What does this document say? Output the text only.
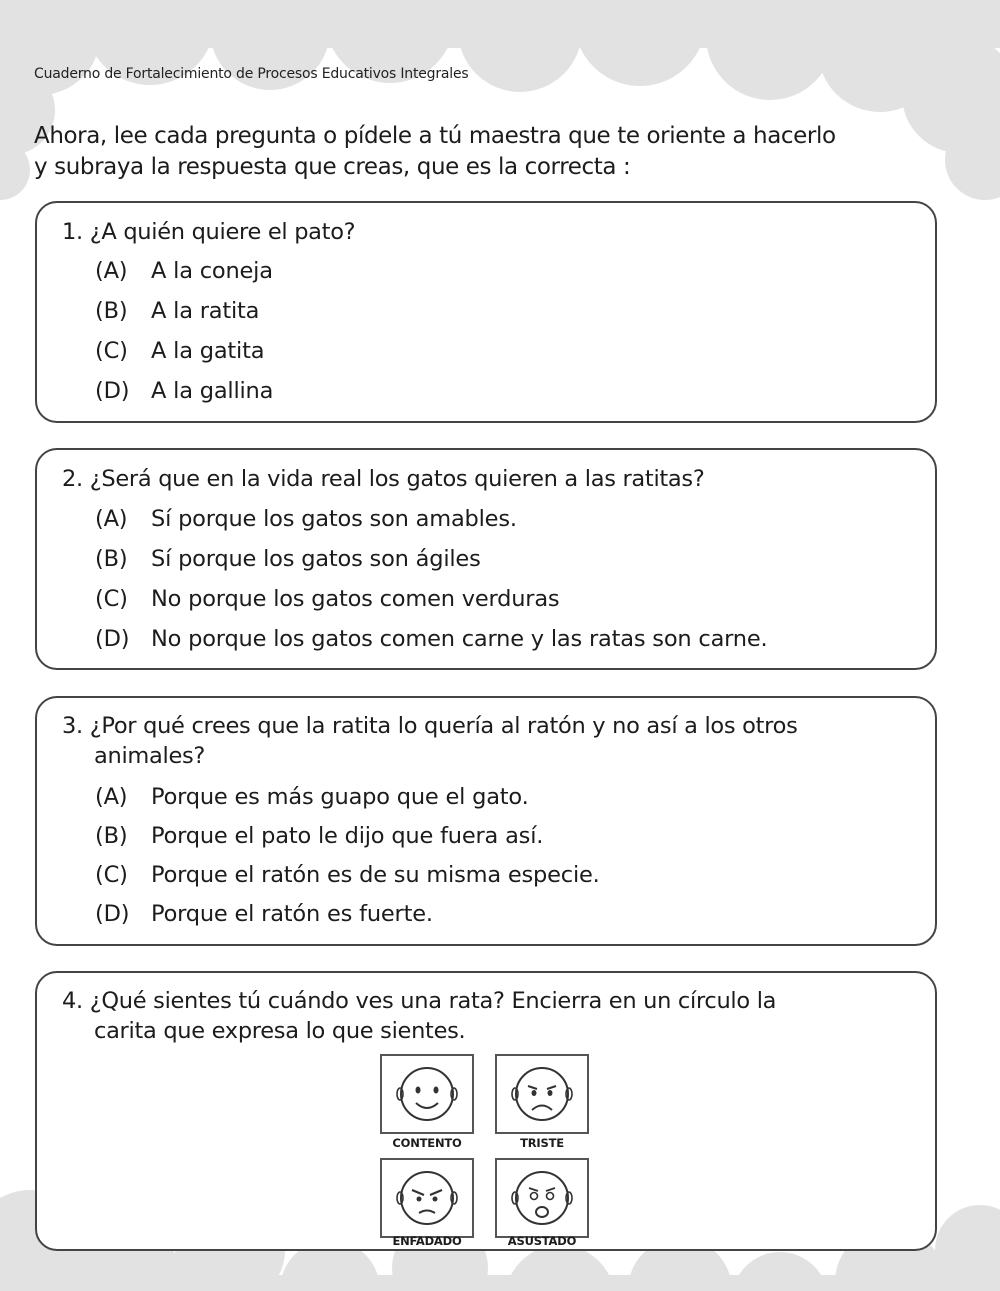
Cuaderno de Fortalecimiento de Procesos Educativos Integrales
Ahora, lee cada pregunta o pídele a tú maestra que te oriente a hacerlo
y subraya la respuesta que creas, que es la correcta :
1. ¿A quién quiere el pato?
(A) A la coneja
(B) A la ratita
(C) A la gatita
(D) A la gallina
2. ¿Será que en la vida real los gatos quieren a las ratitas?
(A) Sí porque los gatos son amables.
(B) Sí porque los gatos son ágiles
(C) No porque los gatos comen verduras
(D) No porque los gatos comen carne y las ratas son carne.
3. ¿Por qué crees que la ratita lo quería al ratón y no así a los otros
animales?
(A) Porque es más guapo que el gato.
(B) Porque el pato le dijo que fuera así.
(C) Porque el ratón es de su misma especie.
(D) Porque el ratón es fuerte.
4. ¿Qué sientes tú cuándo ves una rata? Encierra en un círculo la
carita que expresa lo que sientes.
CONTENTO	TRISTE
ENFADADO	ASUSTADO
